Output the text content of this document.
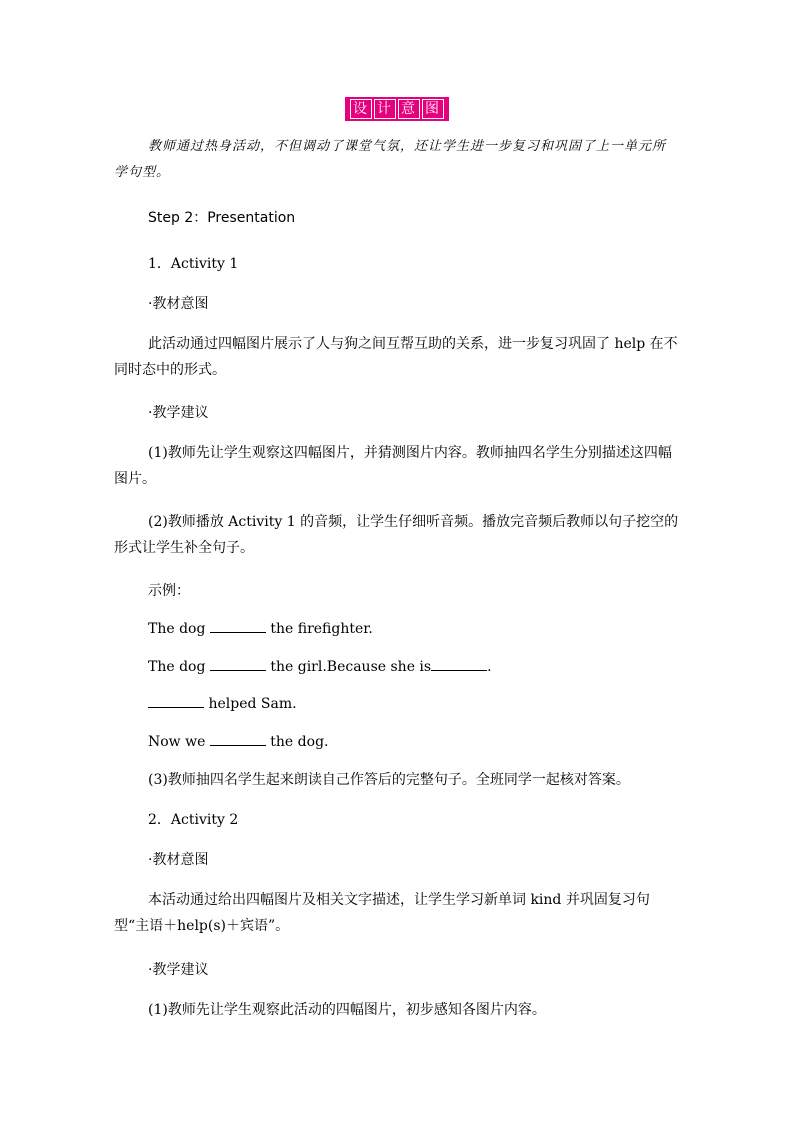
设 计 意 图
教师通过热身活动，不但调动了课堂气氛，还让学生进一步复习和巩固了上一单元所学句型。
Step 2：Presentation
1．Activity 1
·教材意图
此活动通过四幅图片展示了人与狗之间互帮互助的关系，进一步复习巩固了 help 在不同时态中的形式。
·教学建议
(1)教师先让学生观察这四幅图片，并猜测图片内容。教师抽四名学生分别描述这四幅图片。
(2)教师播放 Activity 1 的音频，让学生仔细听音频。播放完音频后教师以句子挖空的形式让学生补全句子。
示例：
The dog	the firefighter.
The dog	the girl.Because she is	.
helped Sam.
Now we	the dog.
(3)教师抽四名学生起来朗读自己作答后的完整句子。全班同学一起核对答案。
2．Activity 2
·教材意图
本活动通过给出四幅图片及相关文字描述，让学生学习新单词 kind 并巩固复习句型“主语＋help(s)＋宾语”。
·教学建议
(1)教师先让学生观察此活动的四幅图片，初步感知各图片内容。
